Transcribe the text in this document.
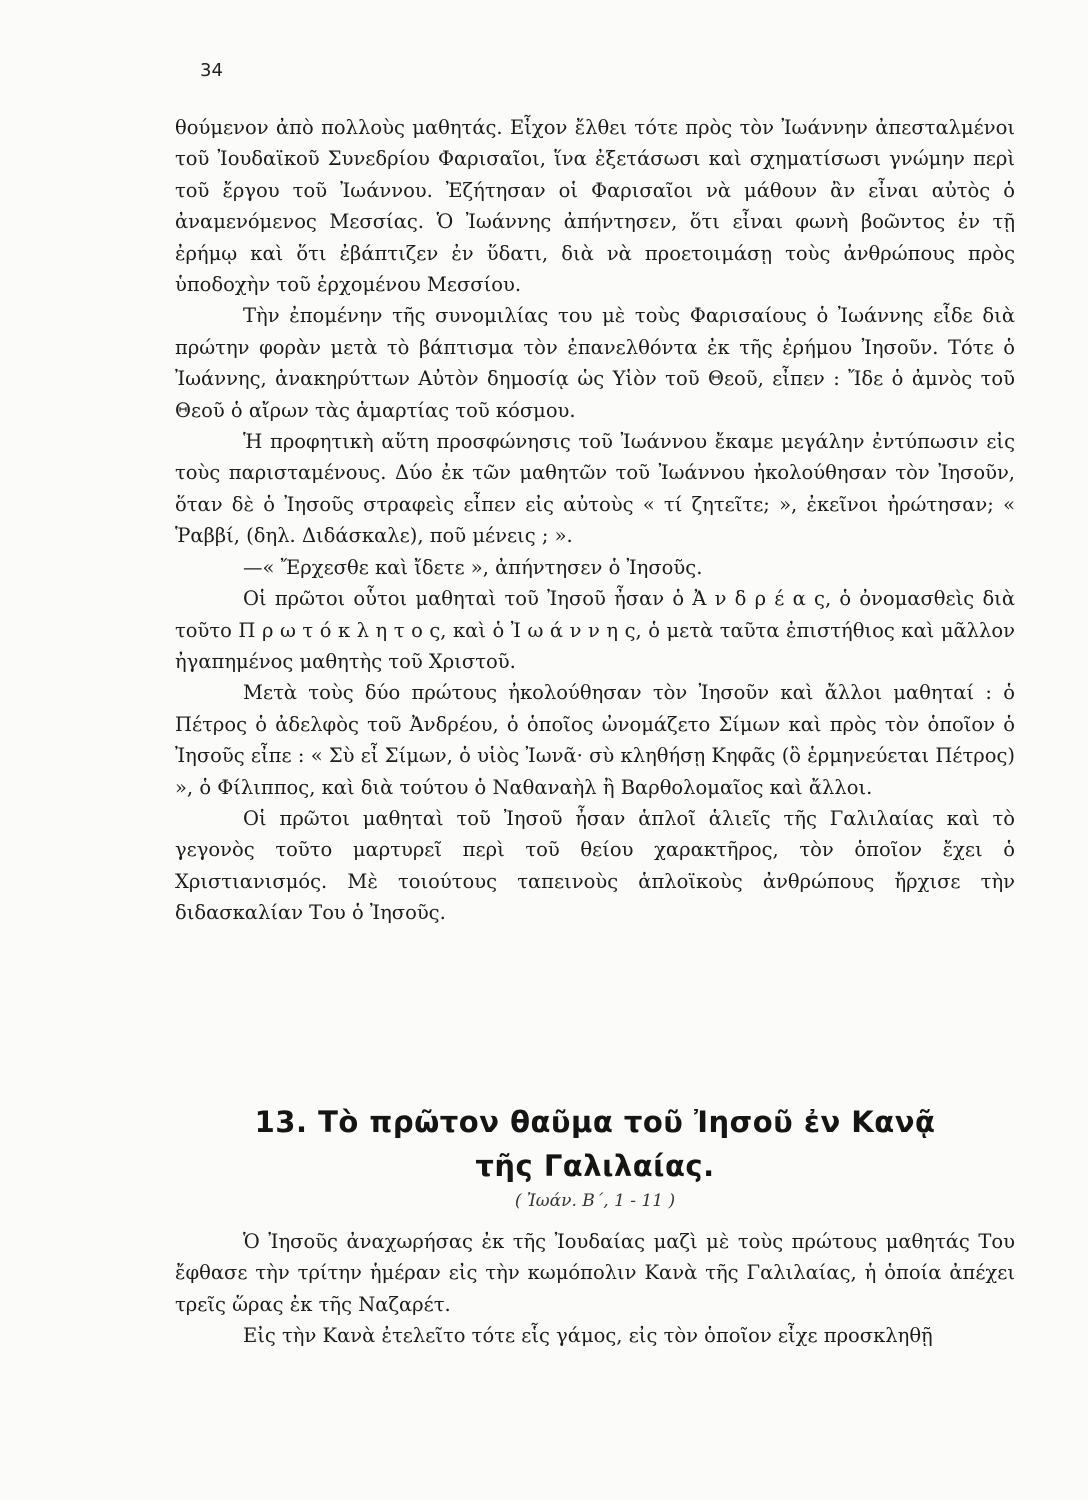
34

θούμενον ἀπὸ πολλοὺς μαθητάς. Εἶχον ἔλθει τότε πρὸς τὸν Ἰωάννην ἀπεσταλμένοι τοῦ Ἰουδαϊκοῦ Συνεδρίου Φαρισαῖοι, ἵνα ἐξετάσωσι καὶ σχηματίσωσι γνώμην περὶ τοῦ ἔργου τοῦ Ἰωάννου. Ἐζήτησαν οἱ Φαρισαῖοι νὰ μάθουν ἂν εἶναι αὐτὸς ὁ ἀναμενόμενος Μεσσίας. Ὁ Ἰωάννης ἀπήντησεν, ὅτι εἶναι φωνὴ βοῶντος ἐν τῇ ἐρήμῳ καὶ ὅτι ἐβάπτιζεν ἐν ὕδατι, διὰ νὰ προετοιμάσῃ τοὺς ἀνθρώπους πρὸς ὑποδοχὴν τοῦ ἐρχομένου Μεσσίου.

Τὴν ἐπομένην τῆς συνομιλίας του μὲ τοὺς Φαρισαίους ὁ Ἰωάννης εἶδε διὰ πρώτην φορὰν μετὰ τὸ βάπτισμα τὸν ἐπανελθόντα ἐκ τῆς ἐρήμου Ἰησοῦν. Τότε ὁ Ἰωάννης, ἀνακηρύττων Αὐτὸν δημοσίᾳ ὡς Υἱὸν τοῦ Θεοῦ, εἶπεν : Ἴδε ὁ ἀμνὸς τοῦ Θεοῦ ὁ αἴρων τὰς ἁμαρτίας τοῦ κόσμου.

Ἡ προφητικὴ αὕτη προσφώνησις τοῦ Ἰωάννου ἔκαμε μεγάλην ἐντύπωσιν εἰς τοὺς παρισταμένους. Δύο ἐκ τῶν μαθητῶν τοῦ Ἰωάννου ἠκολούθησαν τὸν Ἰησοῦν, ὅταν δὲ ὁ Ἰησοῦς στραφεὶς εἶπεν εἰς αὐτοὺς « τί ζητεῖτε; », ἐκεῖνοι ἠρώτησαν; « Ῥαββί, (δηλ. Διδάσκαλε), ποῦ μένεις ; ».

—« Ἔρχεσθε καὶ ἴδετε », ἀπήντησεν ὁ Ἰησοῦς.

Οἱ πρῶτοι οὗτοι μαθηταὶ τοῦ Ἰησοῦ ἦσαν ὁ Ἀ ν δ ρ έ α ς, ὁ ὀνομασθεὶς διὰ τοῦτο Π ρ ω τ ό κ λ η τ ο ς, καὶ ὁ Ἰ ω ά ν ν η ς, ὁ μετὰ ταῦτα ἐπιστήθιος καὶ μᾶλλον ἠγαπημένος μαθητὴς τοῦ Χριστοῦ.

Μετὰ τοὺς δύο πρώτους ἠκολούθησαν τὸν Ἰησοῦν καὶ ἄλλοι μαθηταί : ὁ Πέτρος ὁ ἀδελφὸς τοῦ Ἀνδρέου, ὁ ὁποῖος ὠνομάζετο Σίμων καὶ πρὸς τὸν ὁποῖον ὁ Ἰησοῦς εἶπε : « Σὺ εἶ Σίμων, ὁ υἱὸς Ἰωνᾶ· σὺ κληθήσῃ Κηφᾶς (ὃ ἑρμηνεύεται Πέτρος) », ὁ Φίλιππος, καὶ διὰ τούτου ὁ Ναθαναὴλ ἢ Βαρθολομαῖος καὶ ἄλλοι.

Οἱ πρῶτοι μαθηταὶ τοῦ Ἰησοῦ ἦσαν ἁπλοῖ ἁλιεῖς τῆς Γαλιλαίας καὶ τὸ γεγονὸς τοῦτο μαρτυρεῖ περὶ τοῦ θείου χαρακτῆρος, τὸν ὁποῖον ἔχει ὁ Χριστιανισμός. Μὲ τοιούτους ταπεινοὺς ἁπλοϊκοὺς ἀνθρώπους ἤρχισε τὴν διδασκαλίαν Του ὁ Ἰησοῦς.

13. Τὸ πρῶτον θαῦμα τοῦ Ἰησοῦ ἐν Κανᾷ
τῆς Γαλιλαίας.
( Ἰωάν. Β΄, 1 - 11 )

Ὁ Ἰησοῦς ἀναχωρήσας ἐκ τῆς Ἰουδαίας μαζὶ μὲ τοὺς πρώτους μαθητάς Του ἔφθασε τὴν τρίτην ἡμέραν εἰς τὴν κωμόπολιν Κανὰ τῆς Γαλιλαίας, ἡ ὁποία ἀπέχει τρεῖς ὥρας ἐκ τῆς Ναζαρέτ.

Εἰς τὴν Κανὰ ἐτελεῖτο τότε εἷς γάμος, εἰς τὸν ὁποῖον εἶχε προσκληθῇ
